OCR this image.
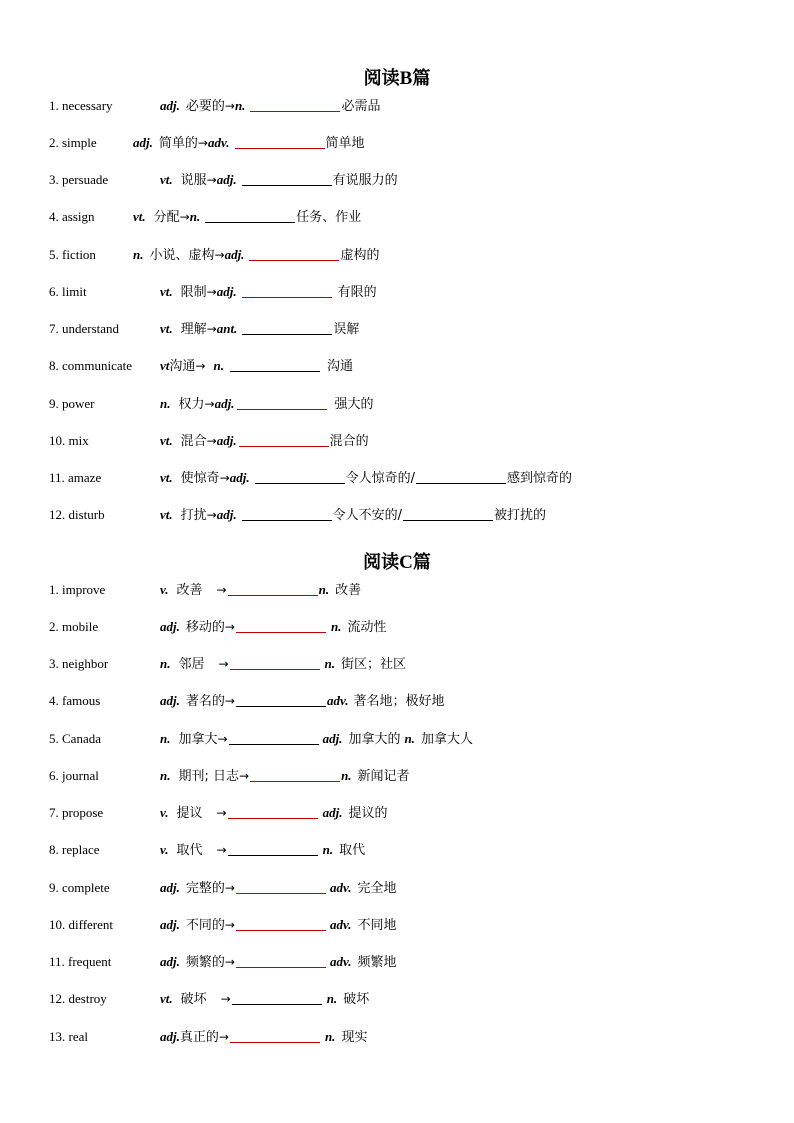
阅读B篇
1. necessary	adj. 必要的→n.	必需品
2. simple	adj. 简单的→adv.	简单地
3. persuade	vt. 说服→adj.	有说服力的
4. assign	vt. 分配→n.	任务、作业
5. fiction	n. 小说、虚构→adj.	虚构的
6. limit	vt. 限制→adj.	有限的
7. understand	vt. 理解→ant.	误解
8. communicate vt沟通→ n.	沟通
9. power	n. 权力→adj.	强大的
10. mix	vt. 混合→adj.	混合的
11. amaze	vt. 使惊奇→adj.	令人惊奇的/	感到惊奇的
12. disturb	vt. 打扰→adj.	令人不安的/	被打扰的
阅读C篇
1. improve	v. 改善 →	n. 改善
2. mobile	adj. 移动的→	n. 流动性
3. neighbor	n. 邻居 →	n. 街区；社区
4. famous	adj. 著名的→	adv. 著名地；极好地
5. Canada	n. 加拿大→	adj. 加拿大的 n. 加拿大人
6. journal	n. 期刊; 日志→	n. 新闻记者
7. propose	v. 提议 →	adj. 提议的
8. replace	v. 取代 →	n. 取代
9. complete	adj. 完整的→	adv. 完全地
10. different	adj. 不同的→	adv. 不同地
11. frequent	adj. 频繁的→	adv. 频繁地
12. destroy	vt. 破坏 →	n. 破坏
13. real	adj.真正的→	n. 现实
